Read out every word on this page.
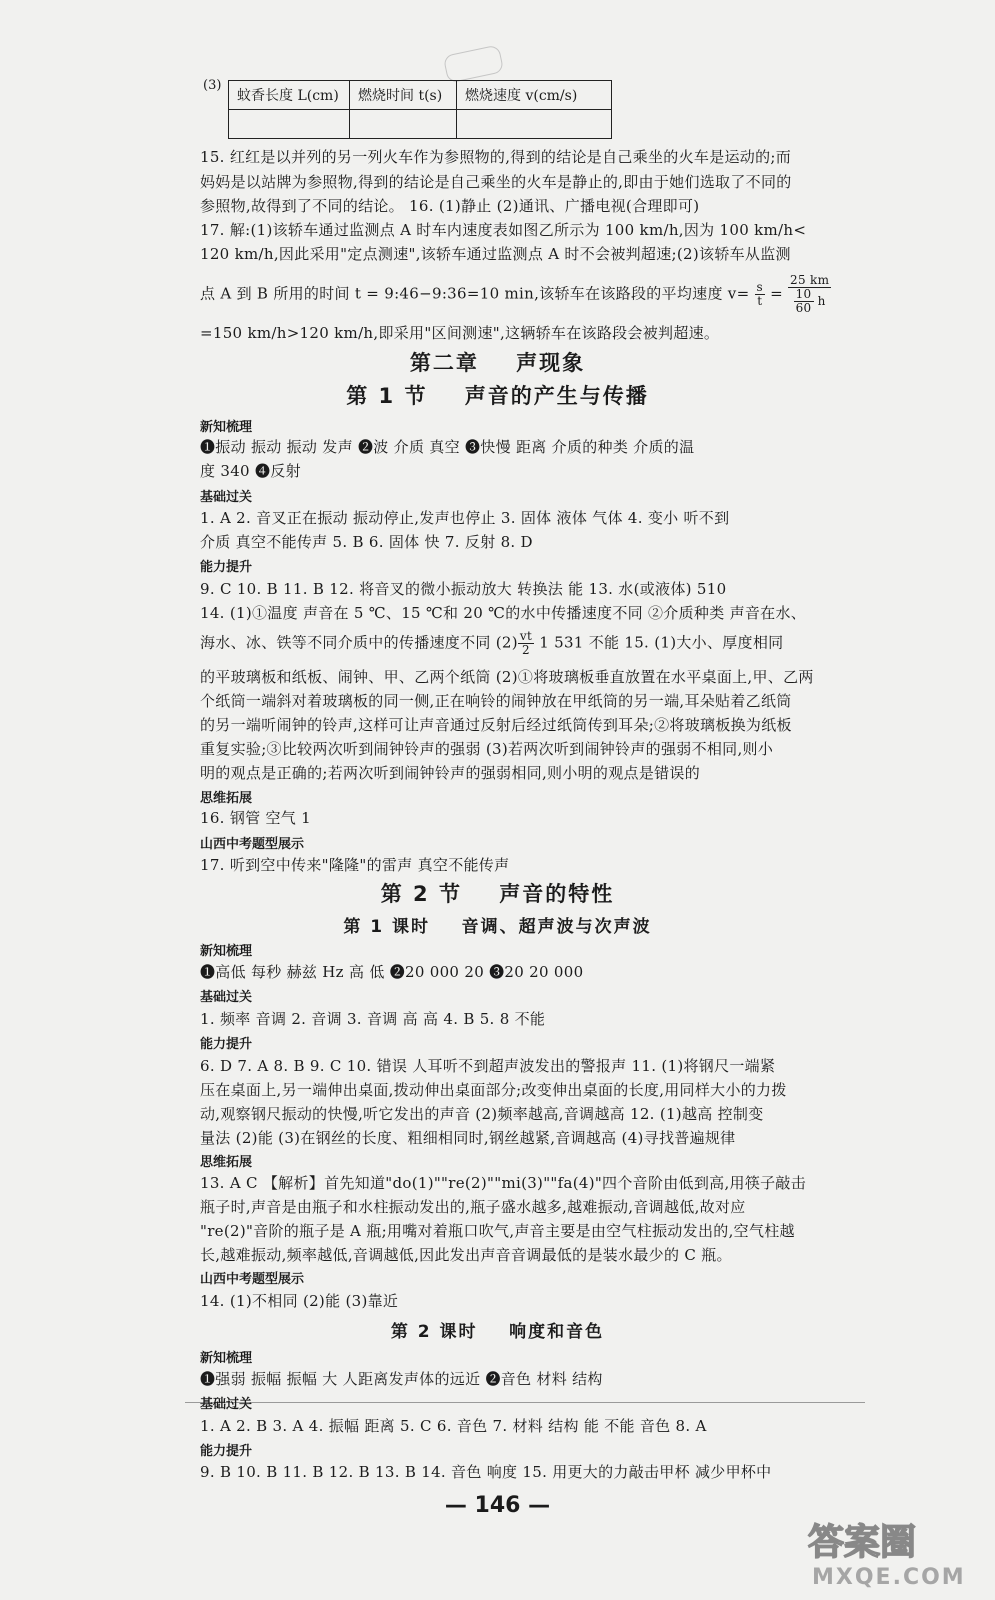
(3)
蚊香长度 L(cm)	燃烧时间 t(s)	燃烧速度 v(cm/s)

15. 红红是以并列的另一列火车作为参照物的,得到的结论是自己乘坐的火车是运动的;而
妈妈是以站牌为参照物,得到的结论是自己乘坐的火车是静止的,即由于她们选取了不同的
参照物,故得到了不同的结论。 16. (1)静止 (2)通讯、广播电视(合理即可)
17. 解:(1)该轿车通过监测点 A 时车内速度表如图乙所示为 100 km/h,因为 100 km/h<
120 km/h,因此采用"定点测速",该轿车通过监测点 A 时不会被判超速;(2)该轿车从监测
点 A 到 B 所用的时间 t = 9:46−9:36=10 min,该轿车在该路段的平均速度 $v= \frac{s}{t} = \frac{25 km}{\frac{10}{60} h}$
=150 km/h>120 km/h,即采用"区间测速",这辆轿车在该路段会被判超速。
第二章    声现象
第 1 节    声音的产生与传播
新知梳理
❶振动 振动 振动 发声 ❷波 介质 真空 ❸快慢 距离 介质的种类 介质的温
度 340 ❹反射
基础过关
1. A 2. 音叉正在振动 振动停止,发声也停止 3. 固体 液体 气体 4. 变小 听不到
介质 真空不能传声 5. B 6. 固体 快 7. 反射 8. D
能力提升
9. C 10. B 11. B 12. 将音叉的微小振动放大 转换法 能 13. 水(或液体) 510
14. (1)①温度 声音在 5 ℃、15 ℃和 20 ℃的水中传播速度不同 ②介质种类 声音在水、
海水、冰、铁等不同介质中的传播速度不同 $(2) \frac{vt}{2} 1$ 531 不能 15. (1)大小、厚度相同
的平玻璃板和纸板、闹钟、甲、乙两个纸筒 (2)①将玻璃板垂直放置在水平桌面上,甲、乙两
个纸筒一端斜对着玻璃板的同一侧,正在响铃的闹钟放在甲纸筒的另一端,耳朵贴着乙纸筒
的另一端听闹钟的铃声,这样可让声音通过反射后经过纸筒传到耳朵;②将玻璃板换为纸板
重复实验;③比较两次听到闹钟铃声的强弱 (3)若两次听到闹钟铃声的强弱不相同,则小
明的观点是正确的;若两次听到闹钟铃声的强弱相同,则小明的观点是错误的
思维拓展
16. 钢管 空气 1
山西中考题型展示
17. 听到空中传来"隆隆"的雷声 真空不能传声
第 2 节    声音的特性
第 1 课时    音调、超声波与次声波
新知梳理
❶高低 每秒 赫兹 Hz 高 低 ❷20 000 20 ❸20 20 000
基础过关
1. 频率 音调 2. 音调 3. 音调 高 高 4. B 5. 8 不能
能力提升
6. D 7. A 8. B 9. C 10. 错误 人耳听不到超声波发出的警报声 11. (1)将钢尺一端紧
压在桌面上,另一端伸出桌面,拨动伸出桌面部分;改变伸出桌面的长度,用同样大小的力拨
动,观察钢尺振动的快慢,听它发出的声音 (2)频率越高,音调越高 12. (1)越高 控制变
量法 (2)能 (3)在钢丝的长度、粗细相同时,钢丝越紧,音调越高 (4)寻找普遍规律
思维拓展
13. A C 【解析】首先知道"do(1)""re(2)""mi(3)""fa(4)"四个音阶由低到高,用筷子敲击
瓶子时,声音是由瓶子和水柱振动发出的,瓶子盛水越多,越难振动,音调越低,故对应
"re(2)"音阶的瓶子是 A 瓶;用嘴对着瓶口吹气,声音主要是由空气柱振动发出的,空气柱越
长,越难振动,频率越低,音调越低,因此发出声音音调最低的是装水最少的 C 瓶。
山西中考题型展示
14. (1)不相同 (2)能 (3)靠近
第 2 课时    响度和音色
新知梳理
❶强弱 振幅 振幅 大 人距离发声体的远近 ❷音色 材料 结构
基础过关
1. A 2. B 3. A 4. 振幅 距离 5. C 6. 音色 7. 材料 结构 能 不能 音色 8. A
能力提升
9. B 10. B 11. B 12. B 13. B 14. 音色 响度 15. 用更大的力敲击甲杯 减少甲杯中
— 146 —
答案圈
MXQE.COM
